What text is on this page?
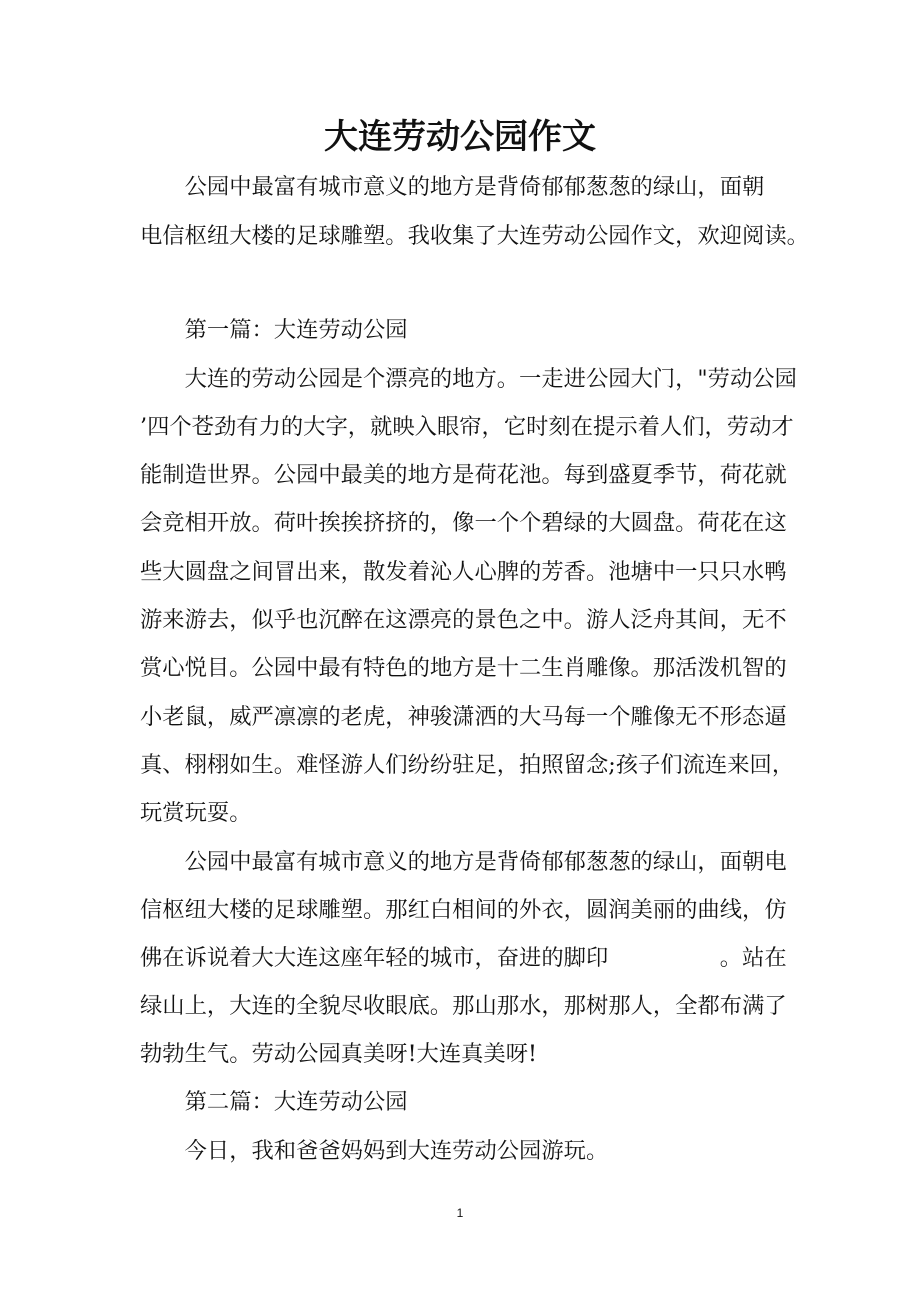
大连劳动公园作文
　　公园中最富有城市意义的地方是背倚郁郁葱葱的绿山，面朝
电信枢纽大楼的足球雕塑。我收集了大连劳动公园作文，欢迎阅读。
　　第一篇：大连劳动公园
　　大连的劳动公园是个漂亮的地方。一走进公园大门，"劳动公园
’四个苍劲有力的大字，就映入眼帘，它时刻在提示着人们，劳动才
能制造世界。公园中最美的地方是荷花池。每到盛夏季节，荷花就
会竞相开放。荷叶挨挨挤挤的，像一个个碧绿的大圆盘。荷花在这
些大圆盘之间冒出来，散发着沁人心脾的芳香。池塘中一只只水鸭
游来游去，似乎也沉醉在这漂亮的景色之中。游人泛舟其间，无不
赏心悦目。公园中最有特色的地方是十二生肖雕像。那活泼机智的
小老鼠，威严凛凛的老虎，神骏潇洒的大马每一个雕像无不形态逼
真、栩栩如生。难怪游人们纷纷驻足，拍照留念;孩子们流连来回，
玩赏玩耍。
　　公园中最富有城市意义的地方是背倚郁郁葱葱的绿山，面朝电
信枢纽大楼的足球雕塑。那红白相间的外衣，圆润美丽的曲线，仿
佛在诉说着大大连这座年轻的城市，奋进的脚印　　　　　。站在
绿山上，大连的全貌尽收眼底。那山那水，那树那人，全都布满了
勃勃生气。劳动公园真美呀!大连真美呀!
　　第二篇：大连劳动公园
　　今日，我和爸爸妈妈到大连劳动公园游玩。
1
